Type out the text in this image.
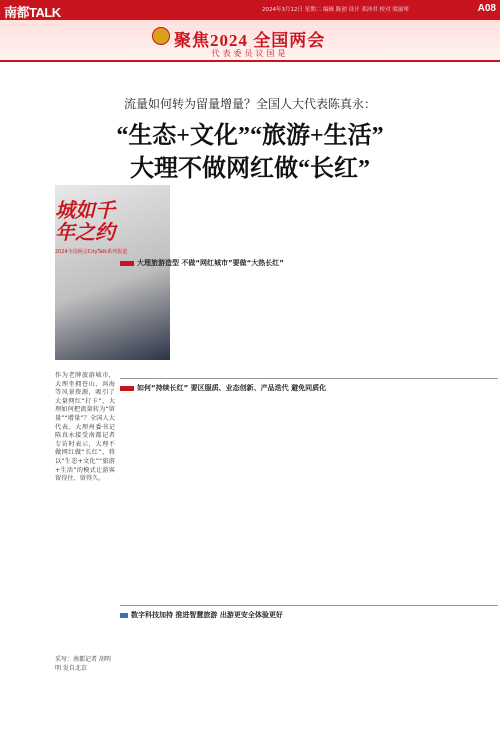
南都TALK	2024年3月12日 星期二 编辑 陈创 设计 邓沛君 校对 梁丽琴	A08
聚焦2024 全国两会
代表委员议国是
流量如何转为留量增量？全国人大代表陈真永：
“生态+文化”“旅游+生活”
大理不做网红做“长红”
城如千年之约
2024全国两会CityTalk系列报道
作为老牌旅游城市，大理坐拥苍山、洱海等风景资源，吸引了大量网红“打卡”，大理如何把流量转为“留量”“增量”？全国人大代表、大理州委书记陈真永接受南都记者专访时表示，大理不做网红做“长红”，将以“生态+文化”“旅游+生活”的模式让游客留得住、留得久。
采写：南都记者 胡明明 发自北京
大理旅游造型 不做“网红城市”要做“大热长红”
如何“持续长红” 要区服质、业态创新、产品迭代 避免同质化
数字科技加持 推进智慧旅游 出游更安全体验更好
